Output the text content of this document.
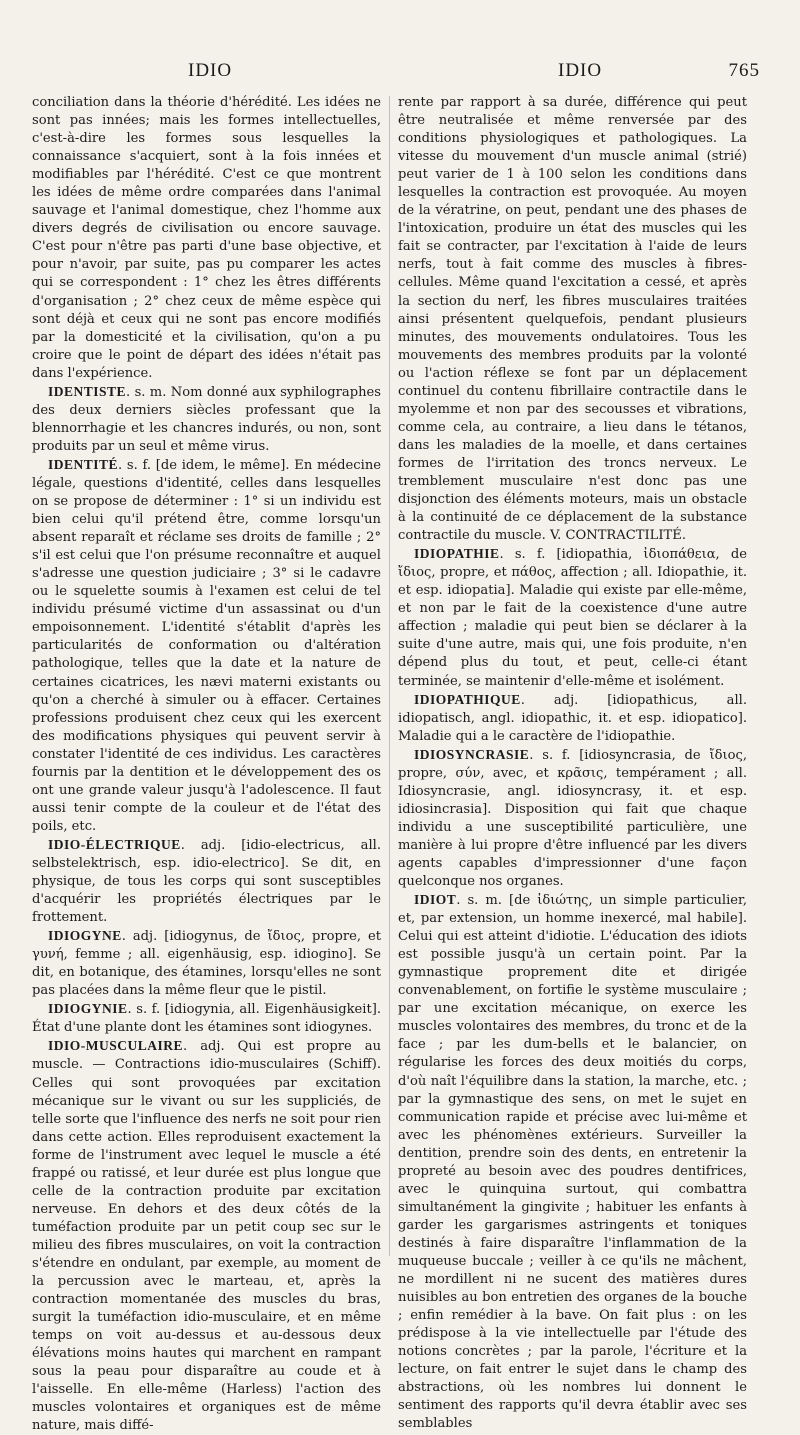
IDIO	IDIO	765

conciliation dans la théorie d'hérédité. Les idées ne sont pas innées; mais les formes intellectuelles, c'est-à-dire les formes sous lesquelles la connaissance s'acquiert, sont à la fois innées et modifiables par l'hérédité. C'est ce que montrent les idées de même ordre comparées dans l'animal sauvage et l'animal domestique, chez l'homme aux divers degrés de civilisation ou encore sauvage. C'est pour n'être pas parti d'une base objective, et pour n'avoir, par suite, pas pu comparer les actes qui se correspondent : 1° chez les êtres différents d'organisation ; 2° chez ceux de même espèce qui sont déjà et ceux qui ne sont pas encore modifiés par la domesticité et la civilisation, qu'on a pu croire que le point de départ des idées n'était pas dans l'expérience.

IDENTISTE. s. m. Nom donné aux syphilographes des deux derniers siècles professant que la blennorrhagie et les chancres indurés, ou non, sont produits par un seul et même virus.

IDENTITÉ. s. f. [de idem, le même]. En médecine légale, questions d'identité, celles dans lesquelles on se propose de déterminer : 1° si un individu est bien celui qu'il prétend être, comme lorsqu'un absent reparaît et réclame ses droits de famille ; 2° s'il est celui que l'on présume reconnaître et auquel s'adresse une question judiciaire ; 3° si le cadavre ou le squelette soumis à l'examen est celui de tel individu présumé victime d'un assassinat ou d'un empoisonnement. L'identité s'établit d'après les particularités de conformation ou d'altération pathologique, telles que la date et la nature de certaines cicatrices, les nævi materni existants ou qu'on a cherché à simuler ou à effacer. Certaines professions produisent chez ceux qui les exercent des modifications physiques qui peuvent servir à constater l'identité de ces individus. Les caractères fournis par la dentition et le développement des os ont une grande valeur jusqu'à l'adolescence. Il faut aussi tenir compte de la couleur et de l'état des poils, etc.

IDIO-ÉLECTRIQUE. adj. [idio-electricus, all. selbstelektrisch, esp. idio-electrico]. Se dit, en physique, de tous les corps qui sont susceptibles d'acquérir les propriétés électriques par le frottement.

IDIOGYNE. adj. [idiogynus, de ἴδιος, propre, et γυνή, femme ; all. eigenhäusig, esp. idiogino]. Se dit, en botanique, des étamines, lorsqu'elles ne sont pas placées dans la même fleur que le pistil.

IDIOGYNIE. s. f. [idiogynia, all. Eigenhäusigkeit]. État d'une plante dont les étamines sont idiogynes.

IDIO-MUSCULAIRE. adj. Qui est propre au muscle. — Contractions idio-musculaires (Schiff). Celles qui sont provoquées par excitation mécanique sur le vivant ou sur les suppliciés, de telle sorte que l'influence des nerfs ne soit pour rien dans cette action. Elles reproduisent exactement la forme de l'instrument avec lequel le muscle a été frappé ou ratissé, et leur durée est plus longue que celle de la contraction produite par excitation nerveuse. En dehors et des deux côtés de la tuméfaction produite par un petit coup sec sur le milieu des fibres musculaires, on voit la contraction s'étendre en ondulant, par exemple, au moment de la percussion avec le marteau, et, après la contraction momentanée des muscles du bras, surgit la tuméfaction idio-musculaire, et en même temps on voit au-dessus et au-dessous deux élévations moins hautes qui marchent en rampant sous la peau pour disparaître au coude et à l'aisselle. En elle-même (Harless) l'action des muscles volontaires et organiques est de même nature, mais diffé-

rente par rapport à sa durée, différence qui peut être neutralisée et même renversée par des conditions physiologiques et pathologiques. La vitesse du mouvement d'un muscle animal (strié) peut varier de 1 à 100 selon les conditions dans lesquelles la contraction est provoquée. Au moyen de la vératrine, on peut, pendant une des phases de l'intoxication, produire un état des muscles qui les fait se contracter, par l'excitation à l'aide de leurs nerfs, tout à fait comme des muscles à fibres-cellules. Même quand l'excitation a cessé, et après la section du nerf, les fibres musculaires traitées ainsi présentent quelquefois, pendant plusieurs minutes, des mouvements ondulatoires. Tous les mouvements des membres produits par la volonté ou l'action réflexe se font par un déplacement continuel du contenu fibrillaire contractile dans le myolemme et non par des secousses et vibrations, comme cela, au contraire, a lieu dans le tétanos, dans les maladies de la moelle, et dans certaines formes de l'irritation des troncs nerveux. Le tremblement musculaire n'est donc pas une disjonction des éléments moteurs, mais un obstacle à la continuité de ce déplacement de la substance contractile du muscle. V. CONTRACTILITÉ.

IDIOPATHIE. s. f. [idiopathia, ἰδιοπάθεια, de ἴδιος, propre, et πάθος, affection ; all. Idiopathie, it. et esp. idiopatia]. Maladie qui existe par elle-même, et non par le fait de la coexistence d'une autre affection ; maladie qui peut bien se déclarer à la suite d'une autre, mais qui, une fois produite, n'en dépend plus du tout, et peut, celle-ci étant terminée, se maintenir d'elle-même et isolément.

IDIOPATHIQUE. adj. [idiopathicus, all. idiopatisch, angl. idiopathic, it. et esp. idiopatico]. Maladie qui a le caractère de l'idiopathie.

IDIOSYNCRASIE. s. f. [idiosyncrasia, de ἴδιος, propre, σύν, avec, et κρᾶσις, tempérament ; all. Idiosyncrasie, angl. idiosyncrasy, it. et esp. idiosincrasia]. Disposition qui fait que chaque individu a une susceptibilité particulière, une manière à lui propre d'être influencé par les divers agents capables d'impressionner d'une façon quelconque nos organes.

IDIOT. s. m. [de ἰδιώτης, un simple particulier, et, par extension, un homme inexercé, mal habile]. Celui qui est atteint d'idiotie. L'éducation des idiots est possible jusqu'à un certain point. Par la gymnastique proprement dite et dirigée convenablement, on fortifie le système musculaire ; par une excitation mécanique, on exerce les muscles volontaires des membres, du tronc et de la face ; par les dum-bells et le balancier, on régularise les forces des deux moitiés du corps, d'où naît l'équilibre dans la station, la marche, etc. ; par la gymnastique des sens, on met le sujet en communication rapide et précise avec lui-même et avec les phénomènes extérieurs. Surveiller la dentition, prendre soin des dents, en entretenir la propreté au besoin avec des poudres dentifrices, avec le quinquina surtout, qui combattra simultanément la gingivite ; habituer les enfants à garder les gargarismes astringents et toniques destinés à faire disparaître l'inflammation de la muqueuse buccale ; veiller à ce qu'ils ne mâchent, ne mordillent ni ne sucent des matières dures nuisibles au bon entretien des organes de la bouche ; enfin remédier à la bave. On fait plus : on les prédispose à la vie intellectuelle par l'étude des notions concrètes ; par la parole, l'écriture et la lecture, on fait entrer le sujet dans le champ des abstractions, où les nombres lui donnent le sentiment des rapports qu'il devra établir avec ses semblables
